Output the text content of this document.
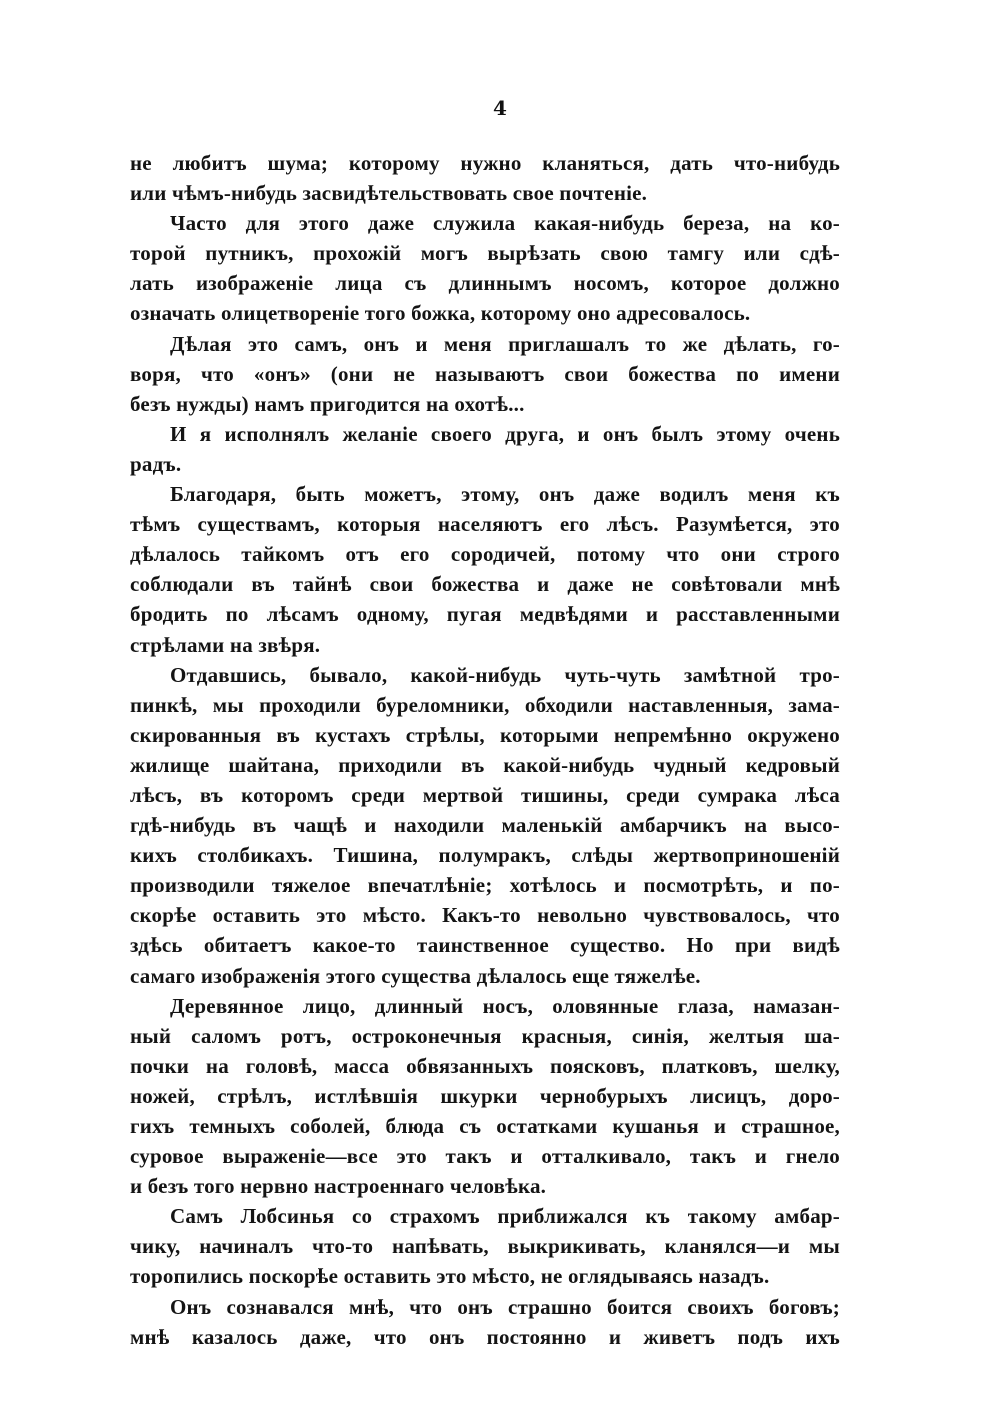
4
не любитъ шума; которому нужно кланяться, дать что-нибудь
или чѣмъ-нибудь засвидѣтельствовать свое почтенiе.
Часто для этого даже служила какая-нибудь береза, на ко-
торой путникъ, прохожiй могъ вырѣзать свою тамгу или сдѣ-
лать изображенiе лица съ длиннымъ носомъ, которое должно
означать олицетворенiе того божка, которому оно адресовалось.
Дѣлая это самъ, онъ и меня приглашалъ то же дѣлать, го-
воря, что «онъ» (они не называютъ свои божества по имени
безъ нужды) намъ пригодится на охотѣ...
И я исполнялъ желанiе своего друга, и онъ былъ этому очень
радъ.
Благодаря, быть можетъ, этому, онъ даже водилъ меня къ
тѣмъ существамъ, которыя населяютъ его лѣсъ. Разумѣется, это
дѣлалось тайкомъ отъ его сородичей, потому что они строго
соблюдали въ тайнѣ свои божества и даже не совѣтовали мнѣ
бродить по лѣсамъ одному, пугая медвѣдями и расставленными
стрѣлами на звѣря.
Отдавшись, бывало, какой-нибудь чуть-чуть замѣтной тро-
пинкѣ, мы проходили буреломники, обходили наставленныя, зама-
скированныя въ кустахъ стрѣлы, которыми непремѣнно окружено
жилище шайтана, приходили въ какой-нибудь чудный кедровый
лѣсъ, въ которомъ среди мертвой тишины, среди сумрака лѣса
гдѣ-нибудь въ чащѣ и находили маленькiй амбарчикъ на высо-
кихъ столбикахъ. Тишина, полумракъ, слѣды жертвоприношенiй
производили тяжелое впечатлѣнiе; хотѣлось и посмотрѣть, и по-
скорѣе оставить это мѣсто. Какъ-то невольно чувствовалось, что
здѣсь обитаетъ какое-то таинственное существо. Но при видѣ
самаго изображенiя этого существа дѣлалось еще тяжелѣе.
Деревянное лицо, длинный носъ, оловянные глаза, намазан-
ный саломъ ротъ, остроконечныя красныя, синiя, желтыя ша-
почки на головѣ, масса обвязанныхъ поясковъ, платковъ, шелку,
ножей, стрѣлъ, истлѣвшiя шкурки чернобурыхъ лисицъ, доро-
гихъ темныхъ соболей, блюда съ остатками кушанья и страшное,
суровое выраженiе—все это такъ и отталкивало, такъ и гнело
и безъ того нервно настроеннаго человѣка.
Самъ Лобсинья со страхомъ приближался къ такому амбар-
чику, начиналъ что-то напѣвать, выкрикивать, кланялся—и мы
торопились поскорѣе оставить это мѣсто, не оглядываясь назадъ.
Онъ сознавался мнѣ, что онъ страшно боится своихъ боговъ;
мнѣ казалось даже, что онъ постоянно и живетъ подъ ихъ
